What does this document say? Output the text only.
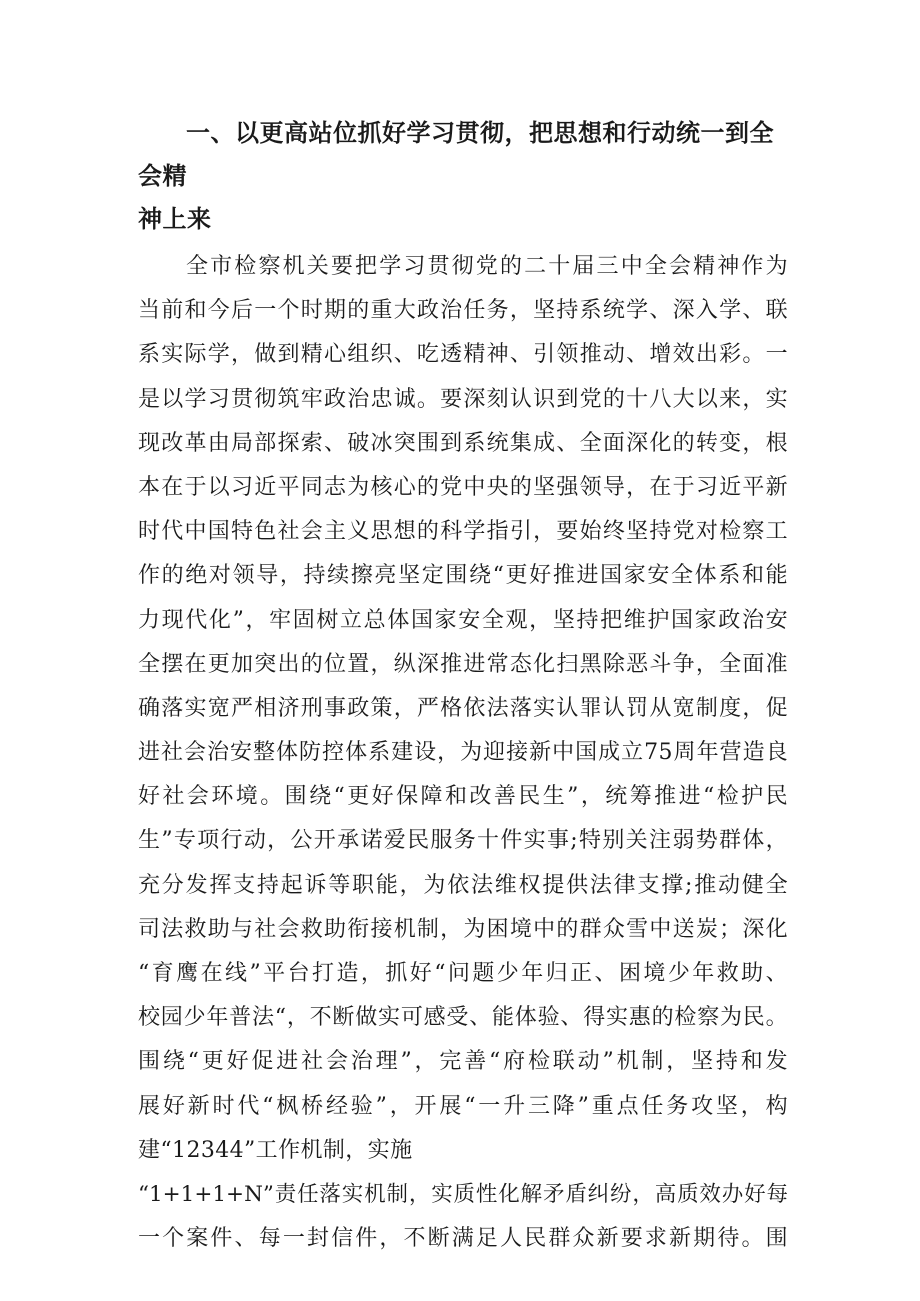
一、以更高站位抓好学习贯彻，把思想和行动统一到全会精
神上来
全市检察机关要把学习贯彻党的二十届三中全会精神作为
当前和今后一个时期的重大政治任务，坚持系统学、深入学、联
系实际学，做到精心组织、吃透精神、引领推动、增效出彩。一
是以学习贯彻筑牢政治忠诚。要深刻认识到党的十八大以来，实
现改革由局部探索、破冰突围到系统集成、全面深化的转变，根
本在于以习近平同志为核心的党中央的坚强领导，在于习近平新
时代中国特色社会主义思想的科学指引，要始终坚持党对检察工
作的绝对领导，持续擦亮坚定围绕“更好推进国家安全体系和能
力现代化”，牢固树立总体国家安全观，坚持把维护国家政治安
全摆在更加突出的位置，纵深推进常态化扫黑除恶斗争，全面准
确落实宽严相济刑事政策，严格依法落实认罪认罚从宽制度，促
进社会治安整体防控体系建设，为迎接新中国成立75周年营造良
好社会环境。围绕“更好保障和改善民生”，统筹推进“检护民
生”专项行动，公开承诺爱民服务十件实事;特别关注弱势群体，
充分发挥支持起诉等职能，为依法维权提供法律支撑;推动健全
司法救助与社会救助衔接机制，为困境中的群众雪中送炭；深化
“育鹰在线”平台打造，抓好“问题少年归正、困境少年救助、
校园少年普法“，不断做实可感受、能体验、得实惠的检察为民。
围绕“更好促进社会治理”，完善“府检联动”机制，坚持和发
展好新时代“枫桥经验”，开展“一升三降”重点任务攻坚，构
建“12344”工作机制，实施
“1+1+1+N”责任落实机制，实质性化解矛盾纠纷，高质效办好每
一个案件、每一封信件，不断满足人民群众新要求新期待。围
